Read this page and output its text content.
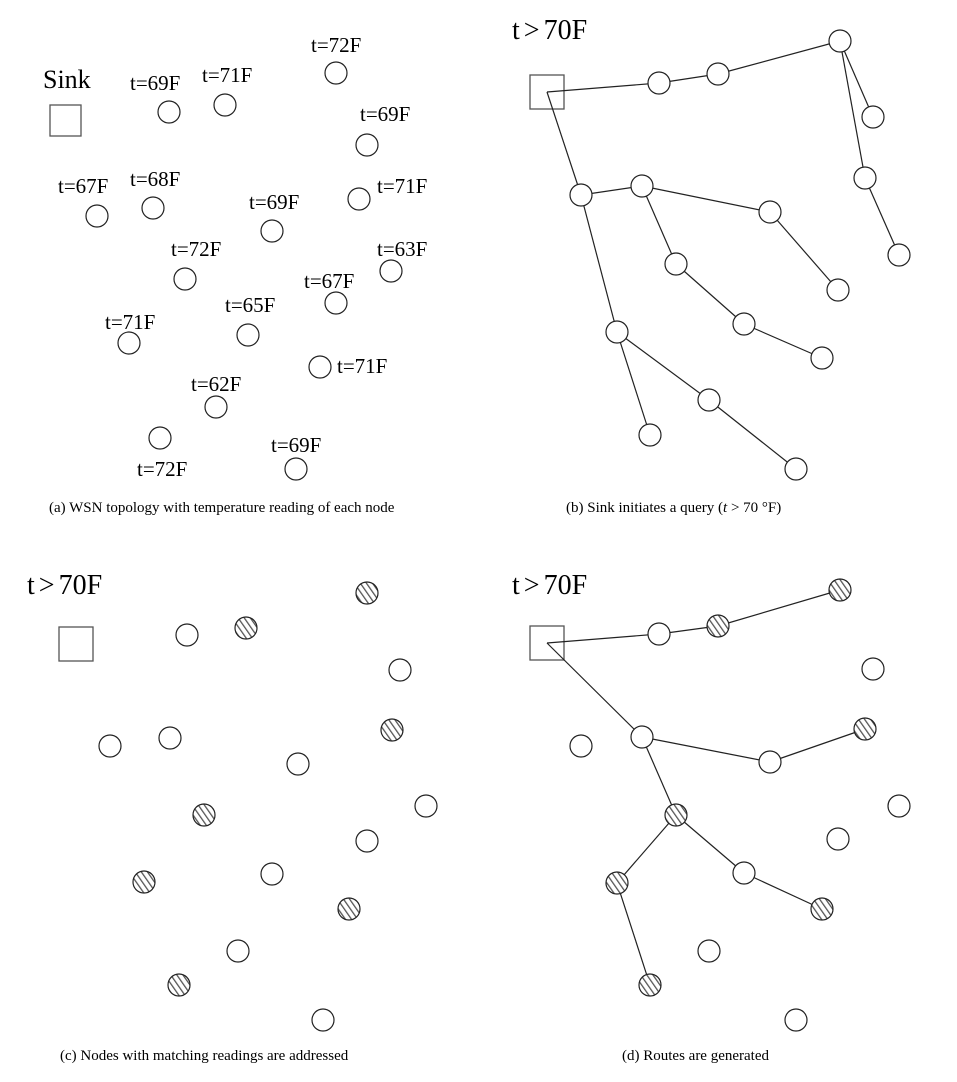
Sink
t=72F
t=69F t=71F
t=69F
t=67F t=68F
t=69F
t=71F
t=72F	t=63F
t=67F
t=65F
t=71F
t=71F
t=62F
t=72F
t=69F
t > 70F
t > 70F	t > 70F
(a) WSN topology with temperature reading of each node	(b) Sink initiates a query (t > 70 °F)
(c) Nodes with matching readings are addressed	(d) Routes are generated
